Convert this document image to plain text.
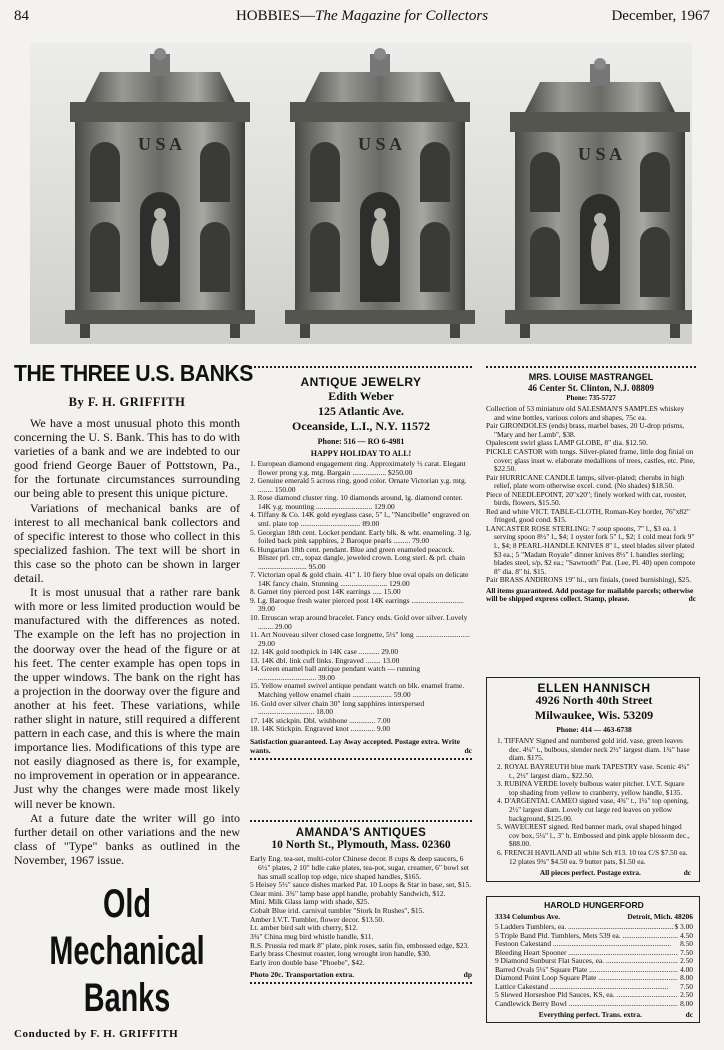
84	HOBBIES—The Magazine for Collectors	December, 1967
U S A	U S A	U S A
THE THREE U.S. BANKS
By F. H. GRIFFITH

We have a most unusual photo this month concerning the U. S. Bank. This has to do with varieties of a bank and we are indebted to our good friend George Bauer of Pottstown, Pa., for the fortunate circumstances surrounding our being able to present this unique picture.

Variations of mechanical banks are of interest to all mechanical bank collectors and of specific interest to those who collect in this specialized fashion. The text will be short in this case so the photo can be shown in larger detail.

It is most unusual that a rather rare bank with more or less limited production would be manufactured with the differences as noted. The example on the left has no projection in the doorway over the head of the figure or at his feet. The center example has open tops in the upper windows. The bank on the right has a projection in the doorway over the figure and another at his feet. These variations, while rather slight in nature, still required a different pattern in each case, and this is where the main importance lies. Modifications of this type are not easily diagnosed as there is, for example, no improvement in operation or in appearance. Just why the changes were made most likely will never be known.

At a future date the writer will go into further detail on other variations and the new class of "Type" banks as outlined in the November, 1967 issue.

Old
Mechanical
Banks
Conducted by F. H. GRIFFITH
ANTIQUE JEWELRY
Edith Weber
125 Atlantic Ave.
Oceanside, L.I., N.Y. 11572
Phone: 516 — RO 6-4981
HAPPY HOLIDAY TO ALL!
1. European diamond engagement ring. Approximately ½ carat. Elegant flower prong y.g. mtg. Bargain .................. $250.00
2. Genuine emerald 5 across ring, good color. Ornate Victorian y.g. mtg. ........ 150.00
3. Rose diamond cluster ring. 10 diamonds around, lg. diamond center. 14K y.g. mounting .............................. 129.00
4. Tiffany & Co. 14K gold eyeglass case, 5" l., "Nancibelle" engraved on sml. plate top ................................ 89.00
5. Georgian 18th cent. Locket pendant. Early blk. & wht. enameling. 3 lg. foiled back pink sapphires, 2 Baroque pearls ......... 79.00
6. Hungarian 18th cent. pendant. Blue and green enameled peacock. Blister prl. ctr., topaz dangle, jeweled crown. Long sterl. & prl. chain .......................... 95.00
7. Victorian opal & gold chain. 41" l. 10 fiery blue oval opals on delicate 14K fancy chain. Stunning ......................... 129.00
8. Garnet tiny pierced post 14K earrings ..... 15.00
9. Lg. Baroque fresh water pierced post 14K earrings ............................ 39.00
10. Etruscan wrap around bracelet. Fancy ends. Gold over silver. Lovely ........ 29.00
11. Art Nouveau silver closed case lorgnette, 5½" long ............................. 29.00
12. 14K gold toothpick in 14K case ........... 29.00
13. 14K dbl. link cuff links. Engraved ........ 13.00
14. Green enamel ball antique pendant watch — running ............................... 39.00
15. Yellow enamel swivel antique pendant watch on blk. enamel frame. Matching yellow enamel chain ..................... 59.00
16. Gold over silver chain 30" long sapphires interspersed .............................. 18.00
17. 14K stickpin. Dbl. wishbone .............. 7.00
18. 14K Stickpin. Engraved knot ............. 9.00
Satisfaction guaranteed. Lay Away accepted. Postage extra. Write wants.	dc
AMANDA'S ANTIQUES
10 North St., Plymouth, Mass. 02360
Early Eng. tea-set, multi-color Chinese decor. 8 cups & deep saucers, 6 6½" plates, 2 10" hdle cake plates, tea-pot, sugar, creamer, 6" bowl set has small scallop top edge, nice shaped handles, $165.
5 Heisey 5½" sauce dishes marked Pat. 10 Loops & Star in base, set, $15.
Clear mini. 3¾" lamp base appl handle, probably Sandwich, $12.
Mini. Milk Glass lamp with shade, $25.
Cobalt Blue irid. carnival tumbler "Stork In Rushes", $15.
Amber I.V.T. Tumbler, flower decor. $13.50.
Lt. amber bird salt with cherry, $12.
3¾" China mug bird whistle handle, $11.
R.S. Prussia red mark 8" plate, pink roses, satin fin, embossed edge, $23.
Early brass Chestnut roaster, long wrought iron handle, $30.
Early iron double base "Phoebe", $42.
Photo 20c. Transportation extra.	dp
MRS. LOUISE MASTRANGEL
46 Center St. Clinton, N.J. 08809
Phone: 735-5727
Collection of 53 miniature old SALESMAN'S SAMPLES whiskey and wine bottles, various colors and shapes, 75c ea.
Pair GIRONDOLES (ends) brass, marbel bases, 20 U-drop prisms, "Mary and her Lamb", $38.
Opalescent swirl glass LAMP GLOBE, 8" dia. $12.50.
PICKLE CASTOR with tongs. Silver-plated frame, little dog finial on cover; glass inset w. elaborate medallions of trees, castles, etc. Pine, $22.50.
Pair HURRICANE CANDLE lamps, silver-plated; cherubs in high relief, plate worn otherwise excel. cond. (No shades) $18.50.
Piece of NEEDLEPOINT, 20"x20"; finely worked with cat, rooster, birds, flowers, $15.50.
Red and white VICT. TABLE-CLOTH, Roman-Key border, 76"x82" fringed, good cond. $15.
LANCASTER ROSE STERLING: 7 soup spoons, 7" l., $3 ea. 1 serving spoon 8½" l., $4; 1 oyster fork 5" l., $2; 1 cold meat fork 9" l., $4; 8 PEARL-HANDLE KNIVES 8" l., steel blades silver plated $3 ea.; 5 "Madam Royale" dinner knives 8½" l. handles sterling; blades steel, s/p, $2 ea.; "Sawtooth" Pat. (Lee, Pl. 40) open compote 8" dia. 8" hi. $15.
Pair BRASS ANDIRONS 19" hi., urn finials, (need burnishing), $25.
All items guaranteed. Add postage for mailable parcels; otherwise will be shipped express collect. Stamp, please.	dc
ELLEN HANNISCH
4926 North 40th Street
Milwaukee, Wis. 53209
Phone: 414 — 463-6738
1. TIFFANY Signed and numbered gold irid. vase, green leaves dec. 4¼" t., bulbous, slender neck 2½" largest diam. 1¾" base diam. $175.
2. ROYAL BAYREUTH blue mark TAPESTRY vase. Scenic 4¼" t., 2½" largest diam., $22.50.
3. RUBINA VERDE lovely bulbous water pitcher. I.V.T. Square top shading from yellow to cranberry, yellow handle, $135.
4. D'ARGENTAL CAMEO signed vase, 4¾" t., 1¼" top opening, 2½" largest diam. Lovely cut large red leaves on yellow background, $125.00.
5. WAVECREST signed. Red banner mark, oval shaped hinged cov box, 5¼" l., 3" h. Embossed and pink apple blossom dec., $88.00.
6. FRENCH HAVILAND all white Sch #13. 10 tea C/S $7.50 ea. 12 plates 9¾" $4.50 ea. 9 butter pats, $1.50 ea.
All pieces perfect. Postage extra.	dc
HAROLD HUNGERFORD
3334 Columbus Ave.	Detroit, Mich. 48206
5 Ladders Tumblers, ea. .....	$ 3.00
5 Triple Band Pld. Tumblers, Mets 539 ea. .....	4.50
Festoon Cakestand .....	8.50
Bleeding Heart Spooner .....	7.50
9 Diamond Sunburst Flat Sauces, ea. .....	2.50
Barred Ovals 5¼" Square Plate .....	4.00
Diamond Point Loop Square Plate .....	8.00
Lattice Cakestand .....	7.50
5 Slewed Horseshoe Pld Sauces, KS, ea. .....	2.50
Candlewick Berry Bowl .....	8.00
Everything perfect. Trans. extra.	dc
